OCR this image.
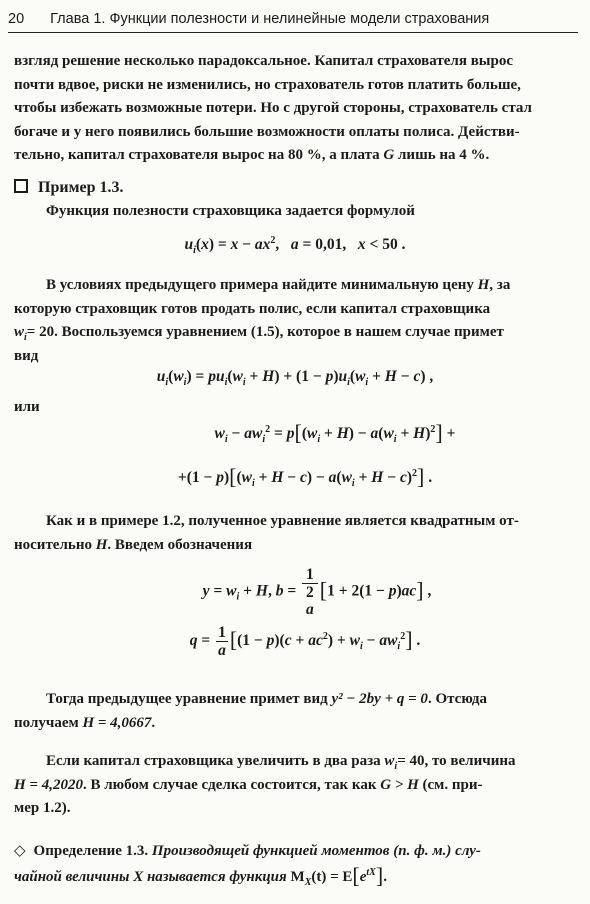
20 Глава 1. Функции полезности и нелинейные модели страхования
взгляд решение несколько парадоксальное. Капитал страхователя вырос
почти вдвое, риски не изменились, но страхователь готов платить больше,
чтобы избежать возможные потери. Но с другой стороны, страхователь стал
богаче и у него появились большие возможности оплаты полиса. Действи-
тельно, капитал страхователя вырос на 80 %, а плата G лишь на 4 %.
Пример 1.3.
Функция полезности страховщика задается формулой
$u_i(x) = x - ax^2$,   a = 0,01,   x < 50 .
В условиях предыдущего примера найдите минимальную цену H, за
которую страховщик готов продать полис, если капитал страховщика
$w_i= 20$. Воспользуемся уравнением (1.5), которое в нашем случае примет
вид
$u_i(w_i) = pu_i(w_i + H) + (1 - p)u_i(w_i + H - c)$ ,
или
$w_i - aw_i^2 = p[(w_i + H) - a(w_i + H)^2]$ +
$+(1 - p)[(w_i + H - c) - a(w_i + H - c)^2]$ .
Как и в примере 1.2, полученное уравнение является квадратным от-
носительно H. Введем обозначения
$y = w_i + H$, b = 1
2
a [1 + 2(1 − p)ac] ,
$q = \frac{1}{a} [(1 - p)(c + ac^2) + w_i - aw_i^2]$ .
Тогда предыдущее уравнение примет вид y² − 2by + q = 0. Отсюда
получаем H = 4,0667.
Если капитал страховщика увеличить в два раза $w_i= 40$, то величина
H = 4,2020. В любом случае сделка состоится, так как G > H (см. при-
мер 1.2).
◇ Определение 1.3. Производящей функцией моментов (п. ф. м.) слу-
чайной величины X называется функция $M_X(t) = E[e^{tX}]$.
